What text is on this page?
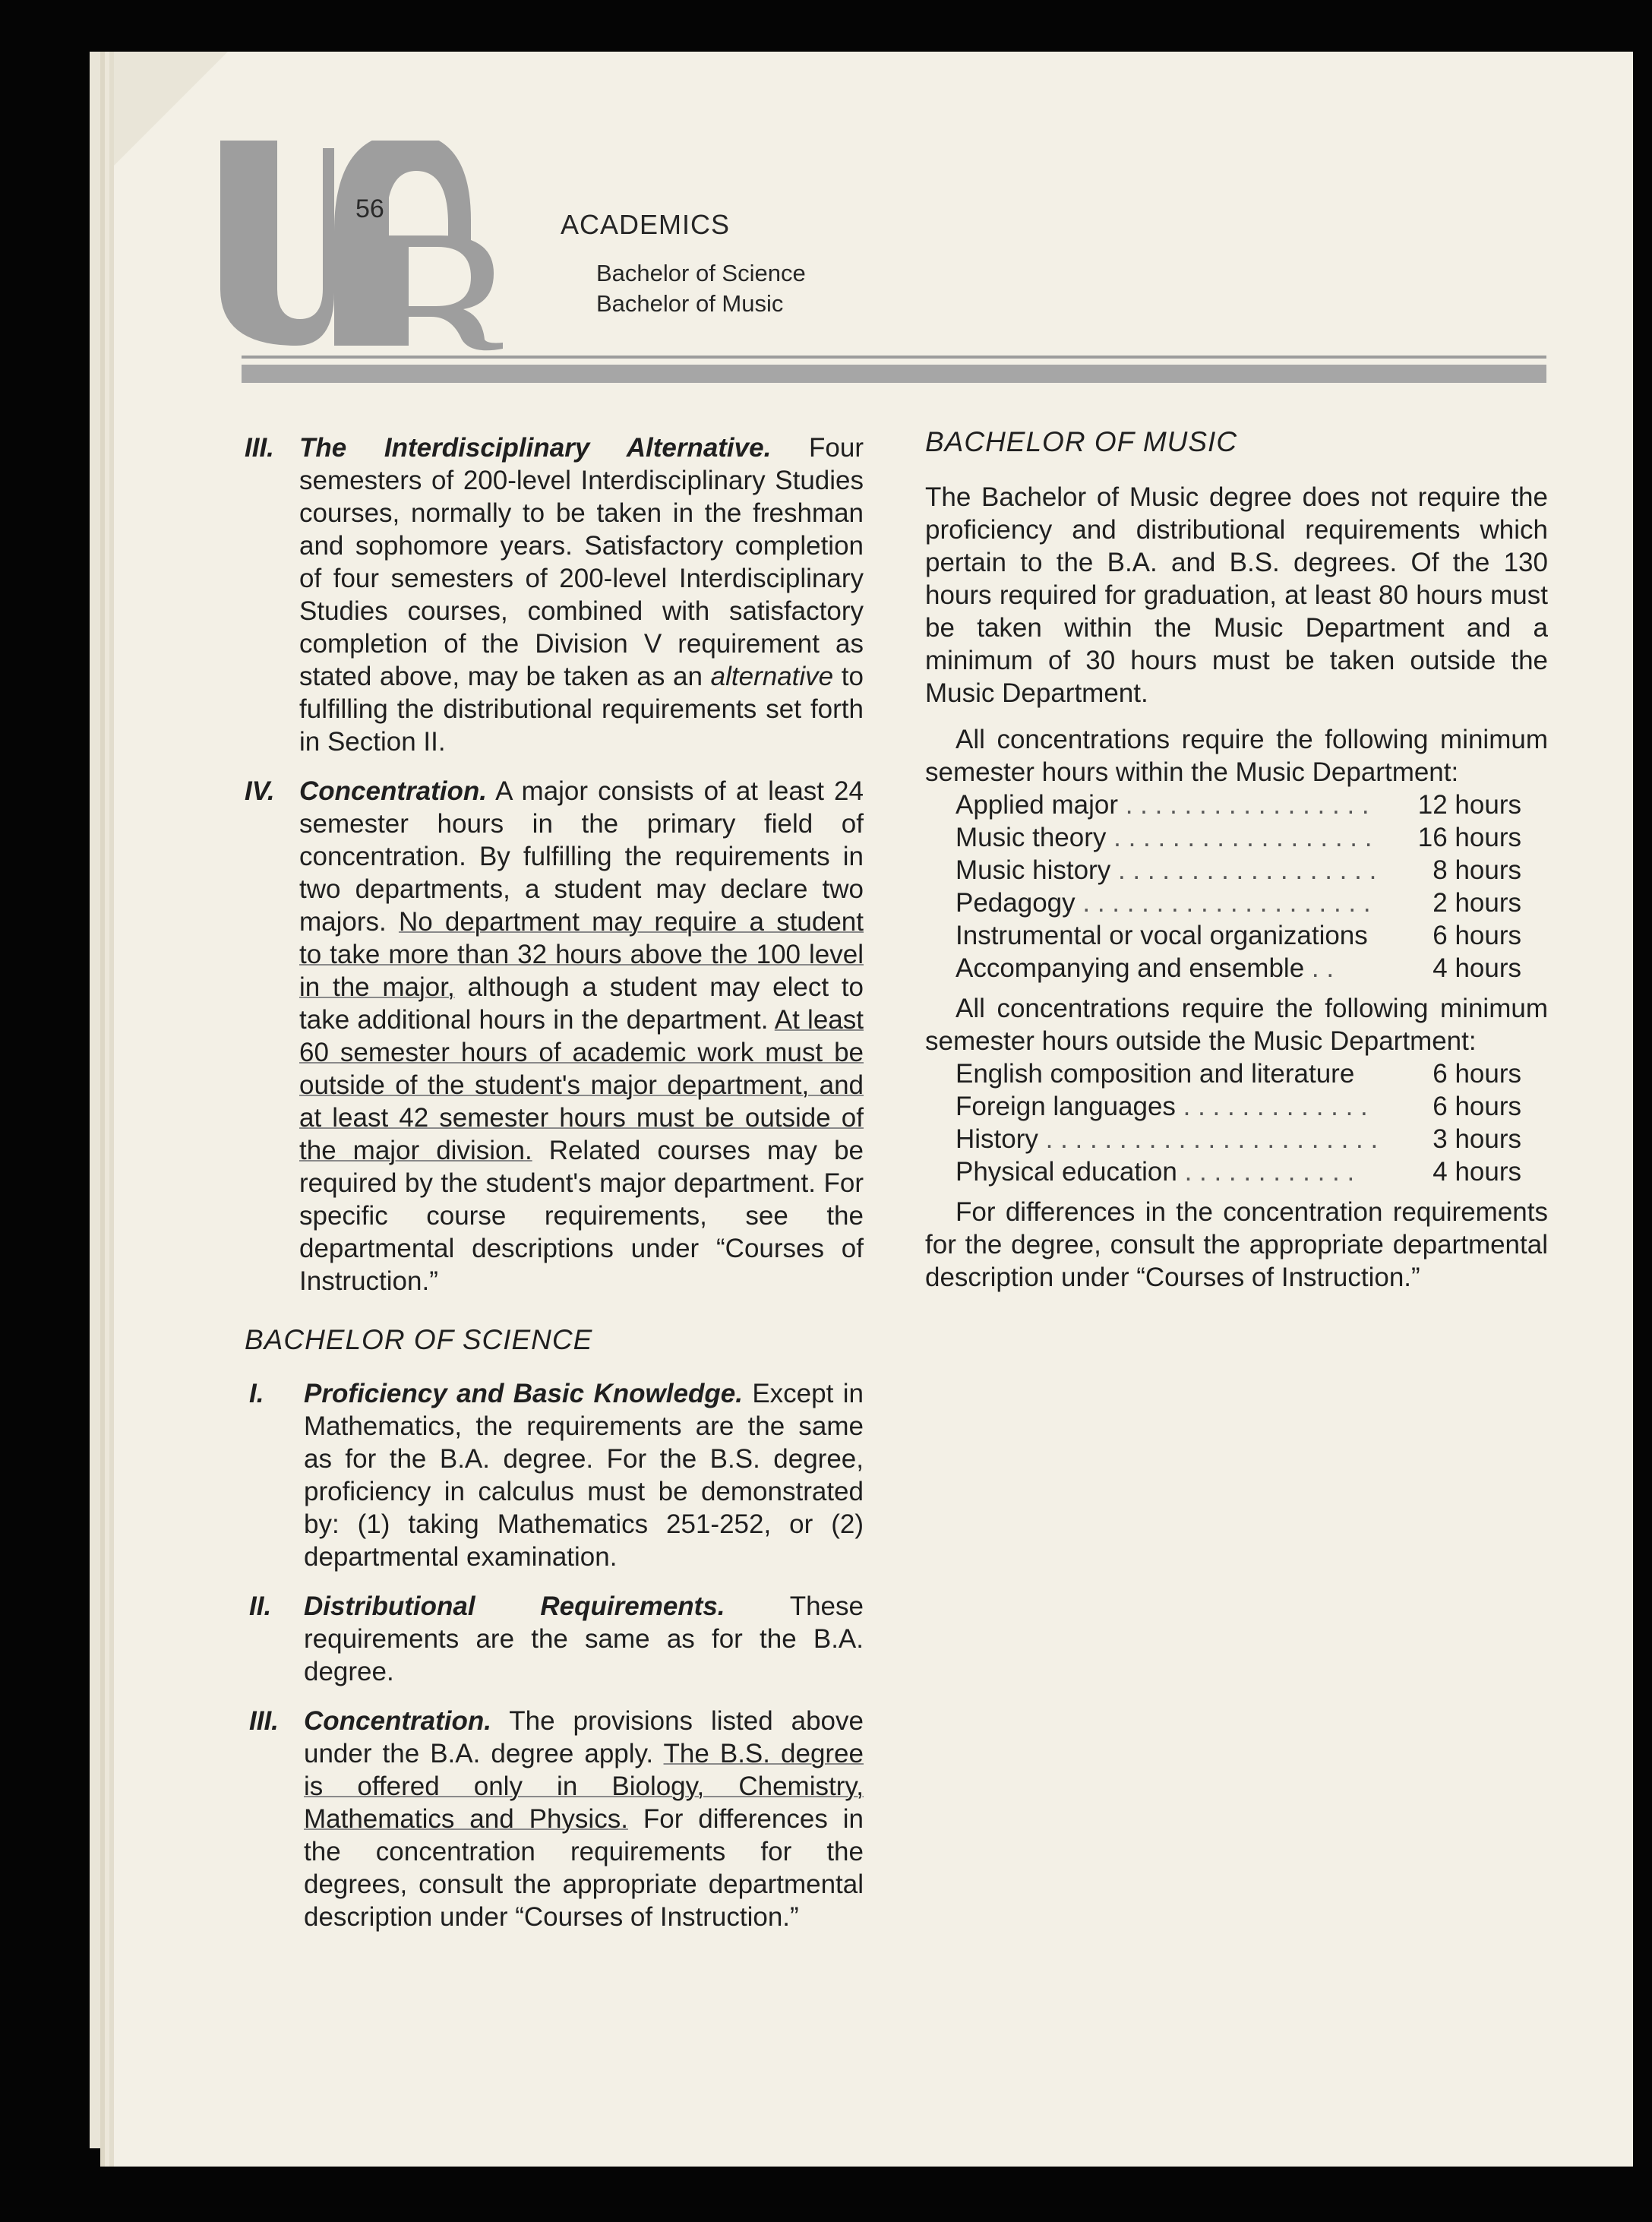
56	ACADEMICS
Bachelor of Science
Bachelor of Music
III. The Interdisciplinary Alternative. Four semesters of 200-level Interdisciplinary Studies courses, normally to be taken in the freshman and sophomore years. Satisfactory completion of four semesters of 200-level Interdisciplinary Studies courses, combined with satisfactory completion of the Division V requirement as stated above, may be taken as an alternative to fulfilling the distributional requirements set forth in Section II.
IV. Concentration. A major consists of at least 24 semester hours in the primary field of concentration. By fulfilling the requirements in two departments, a student may declare two majors. No department may require a student to take more than 32 hours above the 100 level in the major, although a student may elect to take additional hours in the department. At least 60 semester hours of academic work must be outside of the student's major department, and at least 42 semester hours must be outside of the major division. Related courses may be required by the student's major department. For specific course requirements, see the departmental descriptions under “Courses of Instruction.”
BACHELOR OF SCIENCE
I. Proficiency and Basic Knowledge. Except in Mathematics, the requirements are the same as for the B.A. degree. For the B.S. degree, proficiency in calculus must be demonstrated by: (1) taking Mathematics 251-252, or (2) departmental examination.
II. Distributional Requirements. These requirements are the same as for the B.A. degree.
III. Concentration. The provisions listed above under the B.A. degree apply. The B.S. degree is offered only in Biology, Chemistry, Mathematics and Physics. For differences in the concentration requirements for the degrees, consult the appropriate departmental description under “Courses of Instruction.”
BACHELOR OF MUSIC

The Bachelor of Music degree does not require the proficiency and distributional requirements which pertain to the B.A. and B.S. degrees. Of the 130 hours required for graduation, at least 80 hours must be taken within the Music Department and a minimum of 30 hours must be taken outside the Music Department.

All concentrations require the following minimum semester hours within the Music Department:

Applied major . . . . . . . . . . . . . . . . .	12 hours
Music theory . . . . . . . . . . . . . . . . . .	16 hours
Music history . . . . . . . . . . . . . . . . . .	8 hours
Pedagogy . . . . . . . . . . . . . . . . . . . .	2 hours
Instrumental or vocal organizations	6 hours
Accompanying and ensemble . .	4 hours

All concentrations require the following minimum semester hours outside the Music Department:

English composition and literature	6 hours
Foreign languages . . . . . . . . . . . . .	6 hours
History . . . . . . . . . . . . . . . . . . . . . . .	3 hours
Physical education . . . . . . . . . . . .	4 hours

For differences in the concentration requirements for the degree, consult the appropriate departmental description under “Courses of Instruction.”
